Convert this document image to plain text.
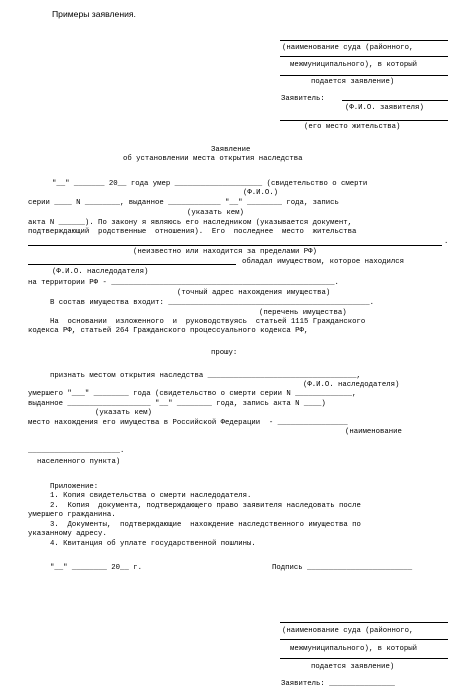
Примеры заявления.
(наименование суда (районного,
межмуниципального), в который
подается заявление)
Заявитель:
(Ф.И.О. заявителя)
(его место жительства)
Заявление
об установлении места открытия наследства
"__" _______ 20__ года умер ____________________ (свидетельство о смерти
(Ф.И.О.)
серии ____ N ________, выданное ____________ "__" ________ года, запись
(указать кем)
акта N ______). По закону я являюсь его наследником (указывается документ,
подтверждающий  родственные  отношения).  Его  последнее  место  жительства
.
(неизвестно или находится за пределами РФ)
обладал имуществом, которое находился
(Ф.И.О. наследодателя)
на территории РФ - ___________________________________________________.
(точный адрес нахождения имущества)
В состав имущества входит: ______________________________________________.
(перечень имущества)
На  основании  изложенного  и  руководствуясь  статьей 1115 Гражданского
кодекса РФ, статьей 264 Гражданского процессуального кодекса РФ,
прошу:
признать местом открытия наследства __________________________________,
(Ф.И.О. наследодателя)
умершего "___" ________ года (свидетельство о смерти серии N _____________,
выданное ___________________ "__" ________ года, запись акта N ____)
(указать кем)
место нахождения его имущества в Российской Федерации  - ________________
(наименование
_____________________.
населенного пункта)
Приложение:
1. Копия свидетельства о смерти наследодателя.
2.  Копия  документа, подтверждающего право заявителя наследовать после
умершего гражданина.
3.  Документы,  подтверждающие  нахождение наследственного имущества по
указанному адресу.
4. Квитанция об уплате государственной пошлины.
"__" ________ 20__ г.	Подпись ________________________
(наименование суда (районного,
межмуниципального), в который
подается заявление)
Заявитель: _______________
